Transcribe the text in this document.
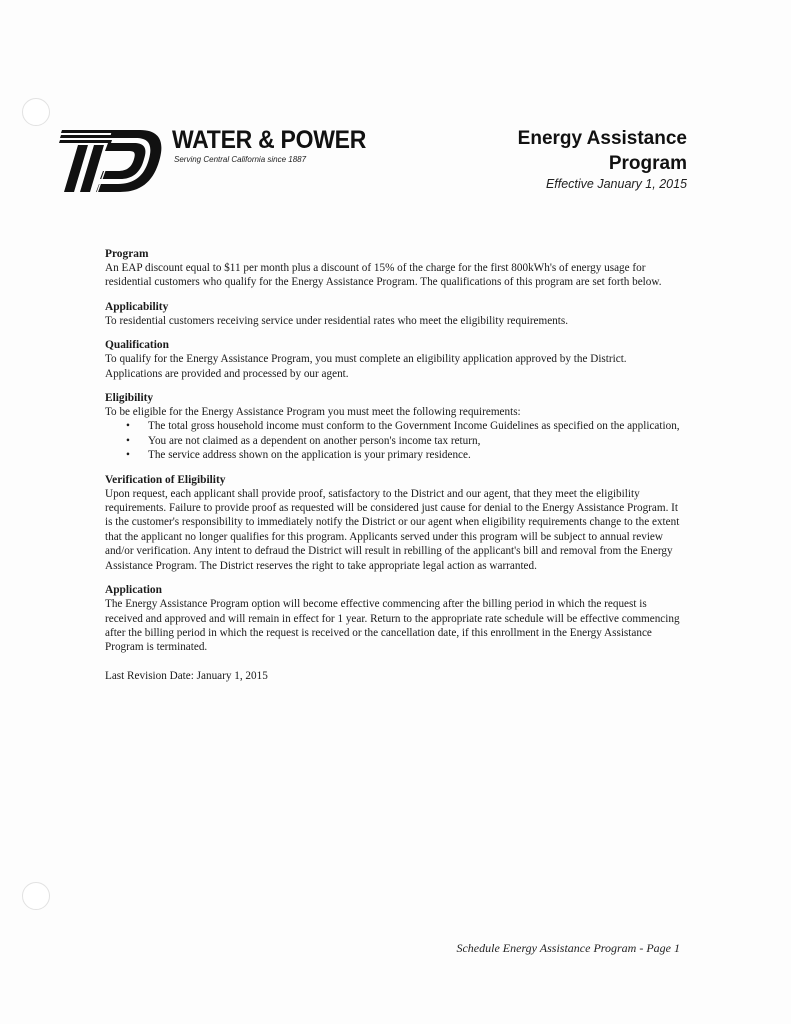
WATER & POWER
Serving Central California since 1887
Energy Assistance
Program
Effective January 1, 2015

Program

An EAP discount equal to $11 per month plus a discount of 15% of the charge for the first 800kWh's of energy usage for residential customers who qualify for the Energy Assistance Program. The qualifications of this program are set forth below.

Applicability

To residential customers receiving service under residential rates who meet the eligibility requirements.

Qualification

To qualify for the Energy Assistance Program, you must complete an eligibility application approved by the District. Applications are provided and processed by our agent.

Eligibility

To be eligible for the Energy Assistance Program you must meet the following requirements:

• The total gross household income must conform to the Government Income Guidelines as specified on the application,
• You are not claimed as a dependent on another person's income tax return,
• The service address shown on the application is your primary residence.

Verification of Eligibility

Upon request, each applicant shall provide proof, satisfactory to the District and our agent, that they meet the eligibility requirements. Failure to provide proof as requested will be considered just cause for denial to the Energy Assistance Program. It is the customer's responsibility to immediately notify the District or our agent when eligibility requirements change to the extent that the applicant no longer qualifies for this program. Applicants served under this program will be subject to annual review and/or verification. Any intent to defraud the District will result in rebilling of the applicant's bill and removal from the Energy Assistance Program. The District reserves the right to take appropriate legal action as warranted.

Application

The Energy Assistance Program option will become effective commencing after the billing period in which the request is received and approved and will remain in effect for 1 year. Return to the appropriate rate schedule will be effective commencing after the billing period in which the request is received or the cancellation date, if this enrollment in the Energy Assistance Program is terminated.

Last Revision Date: January 1, 2015

Schedule Energy Assistance Program - Page 1
